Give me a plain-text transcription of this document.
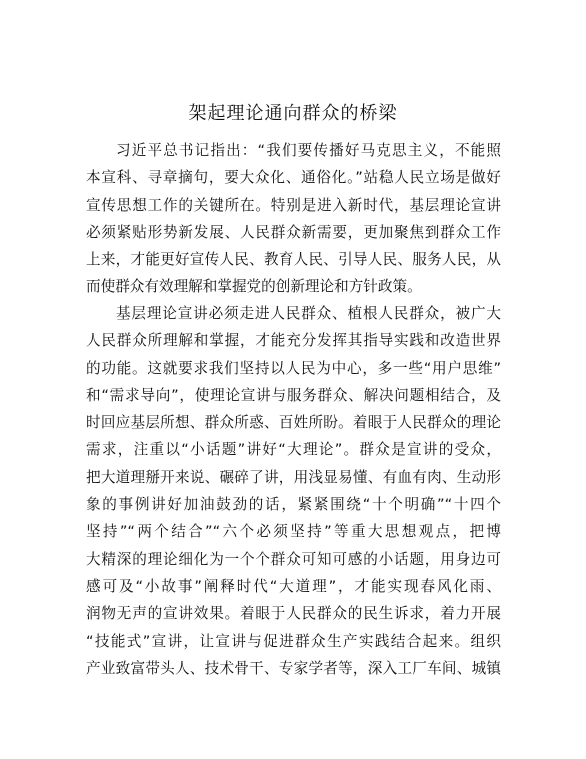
架起理论通向群众的桥梁
习近平总书记指出：“我们要传播好马克思主义，不能照
本宣科、寻章摘句，要大众化、通俗化。”站稳人民立场是做好
宣传思想工作的关键所在。特别是进入新时代，基层理论宣讲
必须紧贴形势新发展、人民群众新需要，更加聚焦到群众工作
上来，才能更好宣传人民、教育人民、引导人民、服务人民，从
而使群众有效理解和掌握党的创新理论和方针政策。
基层理论宣讲必须走进人民群众、植根人民群众，被广大
人民群众所理解和掌握，才能充分发挥其指导实践和改造世界
的功能。这就要求我们坚持以人民为中心，多一些“用户思维”
和“需求导向”，使理论宣讲与服务群众、解决问题相结合，及
时回应基层所想、群众所惑、百姓所盼。着眼于人民群众的理论
需求，注重以“小话题”讲好“大理论”。群众是宣讲的受众，
把大道理掰开来说、碾碎了讲，用浅显易懂、有血有肉、生动形
象的事例讲好加油鼓劲的话，紧紧围绕“十个明确”“十四个
坚持”“两个结合”“六个必须坚持”等重大思想观点，把博
大精深的理论细化为一个个群众可知可感的小话题，用身边可
感可及“小故事”阐释时代“大道理”，才能实现春风化雨、
润物无声的宣讲效果。着眼于人民群众的民生诉求，着力开展
“技能式”宣讲，让宣讲与促进群众生产实践结合起来。组织
产业致富带头人、技术骨干、专家学者等，深入工厂车间、城镇
